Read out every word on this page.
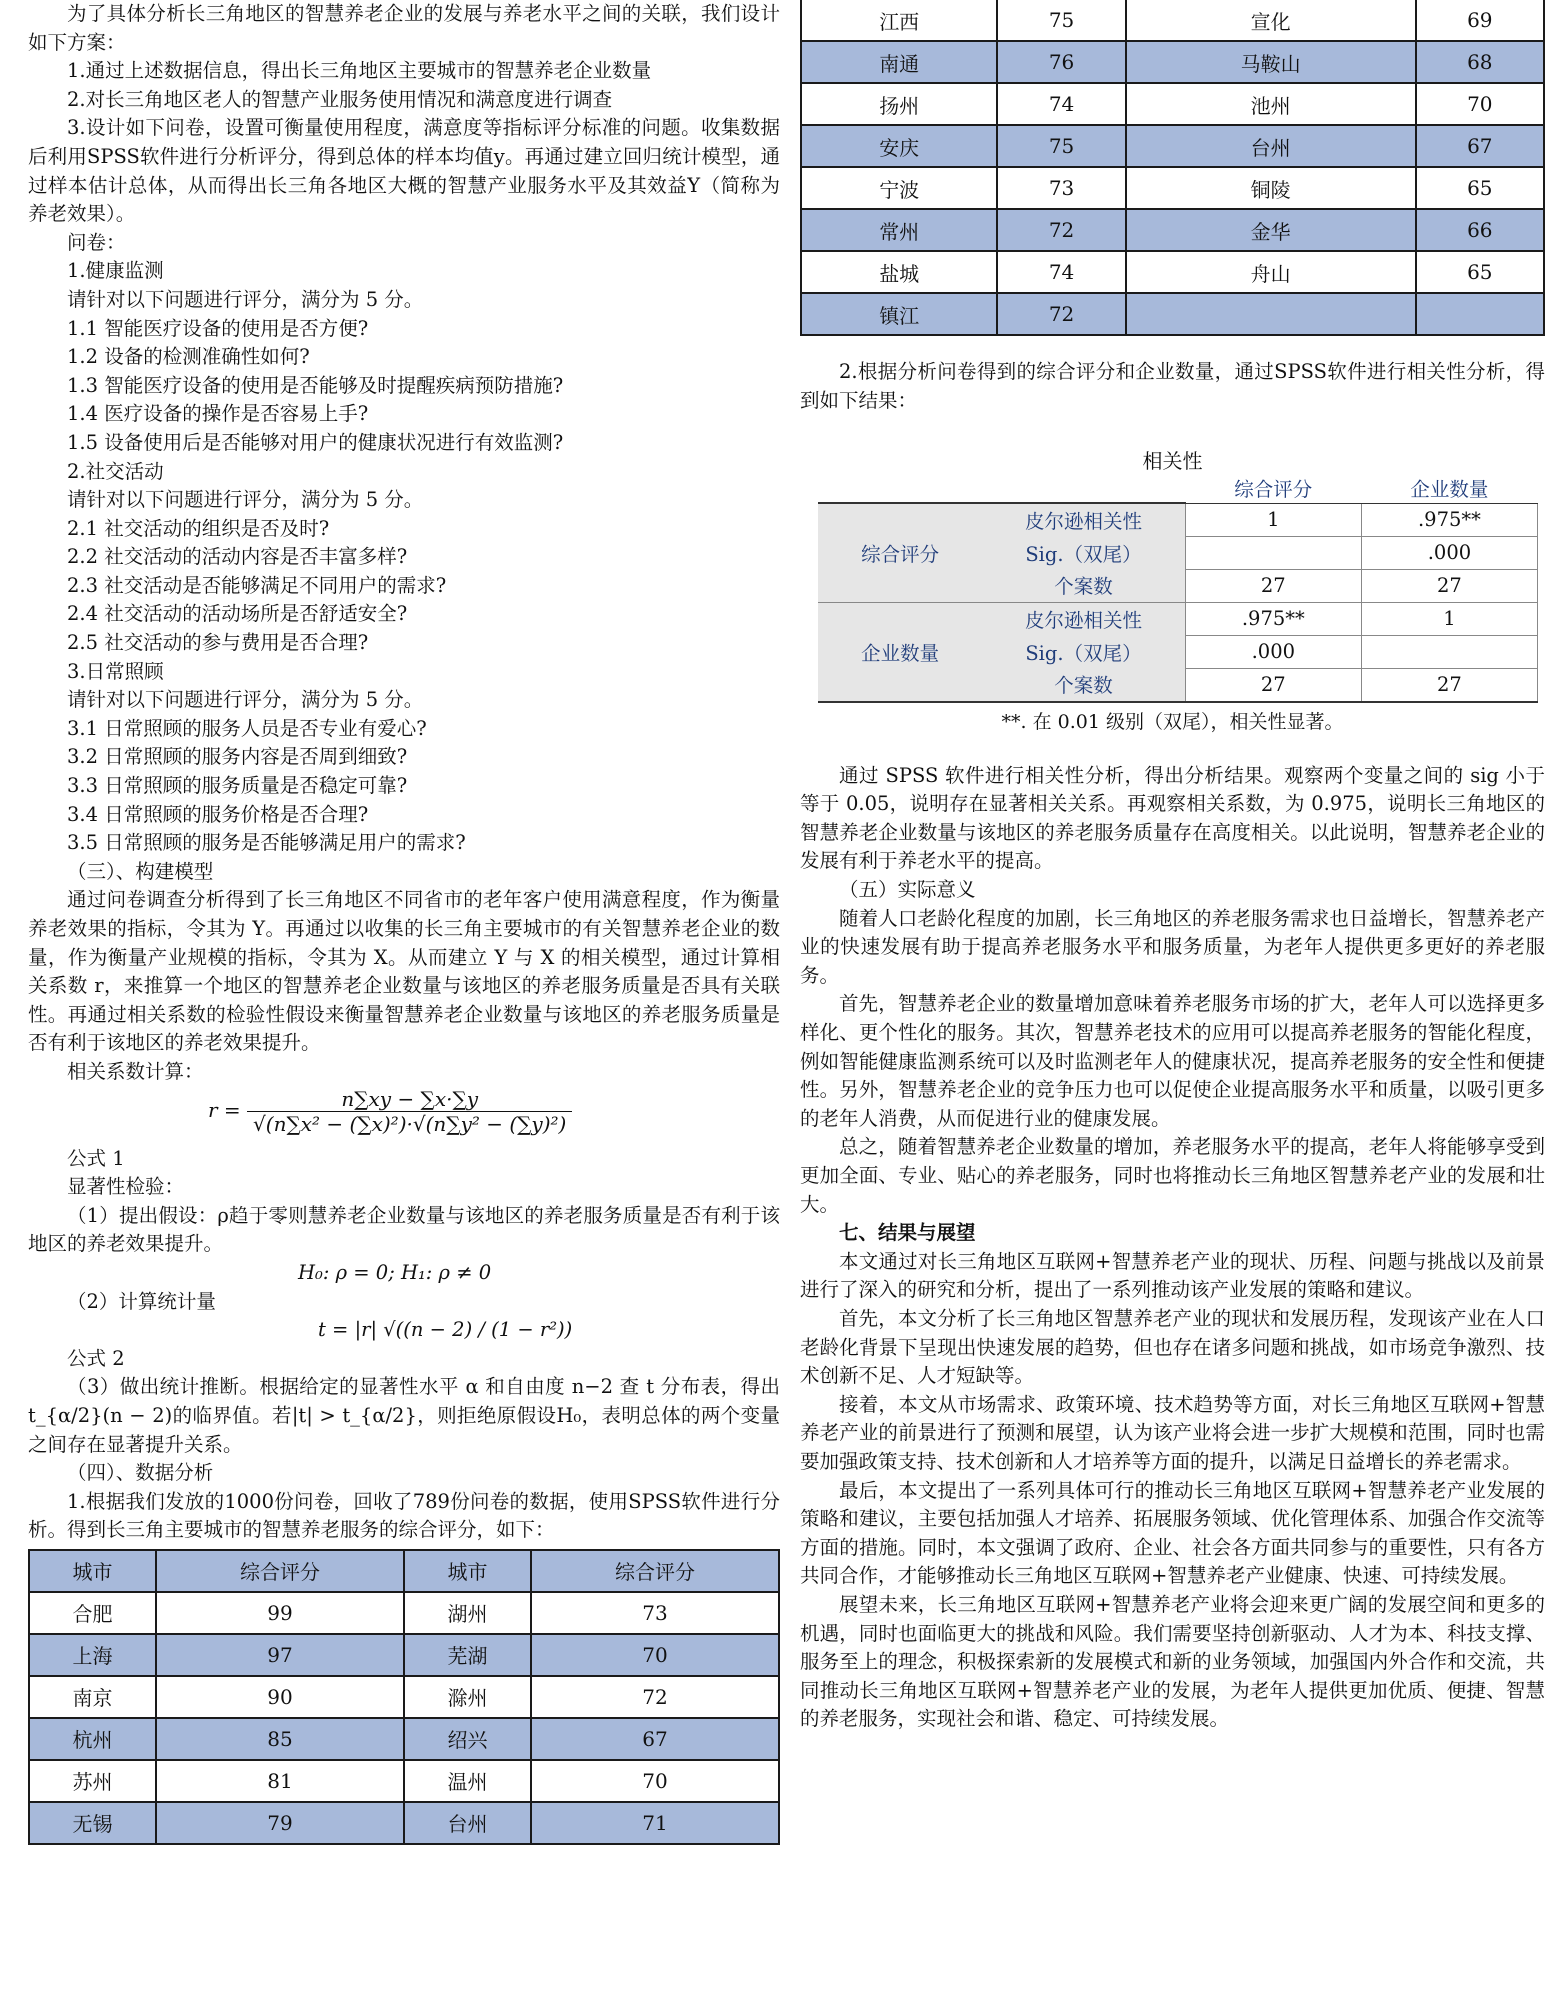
为了具体分析长三角地区的智慧养老企业的发展与养老水平之间的关联，我们设计如下方案：

1.通过上述数据信息，得出长三角地区主要城市的智慧养老企业数量

2.对长三角地区老人的智慧产业服务使用情况和满意度进行调查

3.设计如下问卷，设置可衡量使用程度，满意度等指标评分标准的问题。收集数据后利用SPSS软件进行分析评分，得到总体的样本均值y。再通过建立回归统计模型，通过样本估计总体，从而得出长三角各地区大概的智慧产业服务水平及其效益Y（简称为养老效果）。

问卷：

1.健康监测

请针对以下问题进行评分，满分为 5 分。

1.1 智能医疗设备的使用是否方便?

1.2 设备的检测准确性如何?

1.3 智能医疗设备的使用是否能够及时提醒疾病预防措施?

1.4 医疗设备的操作是否容易上手?

1.5 设备使用后是否能够对用户的健康状况进行有效监测?

2.社交活动

请针对以下问题进行评分，满分为 5 分。

2.1 社交活动的组织是否及时?

2.2 社交活动的活动内容是否丰富多样?

2.3 社交活动是否能够满足不同用户的需求?

2.4 社交活动的活动场所是否舒适安全?

2.5 社交活动的参与费用是否合理?

3.日常照顾

请针对以下问题进行评分，满分为 5 分。

3.1 日常照顾的服务人员是否专业有爱心?

3.2 日常照顾的服务内容是否周到细致?

3.3 日常照顾的服务质量是否稳定可靠?

3.4 日常照顾的服务价格是否合理?

3.5 日常照顾的服务是否能够满足用户的需求?

（三）、构建模型

通过问卷调查分析得到了长三角地区不同省市的老年客户使用满意程度，作为衡量养老效果的指标，令其为 Y。再通过以收集的长三角主要城市的有关智慧养老企业的数量，作为衡量产业规模的指标，令其为 X。从而建立 Y 与 X 的相关模型，通过计算相关系数 r，来推算一个地区的智慧养老企业数量与该地区的养老服务质量是否具有关联性。再通过相关系数的检验性假设来衡量智慧养老企业数量与该地区的养老服务质量是否有利于该地区的养老效果提升。

相关系数计算：

$r = \frac{n\sum xy - \sum x\cdot\sum y}{\text{√(n∑x² − (∑x)²)·√(n∑y² − (∑y)²)}}$

公式 1

显著性检验：

（1）提出假设：ρ趋于零则慧养老企业数量与该地区的养老服务质量是否有利于该地区的养老效果提升。

H₀: ρ = 0; H₁: ρ ≠ 0

（2）计算统计量

t = |r| √((n − 2) / (1 − r²))

公式 2

（3）做出统计推断。根据给定的显著性水平 α 和自由度 n−2 查 t 分布表，得出t_{α/2}(n − 2)的临界值。若|t| > t_{α/2}，则拒绝原假设H₀，表明总体的两个变量之间存在显著提升关系。

（四）、数据分析

1.根据我们发放的1000份问卷，回收了789份问卷的数据，使用SPSS软件进行分析。得到长三角主要城市的智慧养老服务的综合评分，如下：

城市	综合评分	城市	综合评分
合肥	99	湖州	73
上海	97	芜湖	70
南京	90	滁州	72
杭州	85	绍兴	67
苏州	81	温州	70
无锡	79	台州	71
江西	75	宣化	69
南通	76	马鞍山	68
扬州	74	池州	70
安庆	75	台州	67
宁波	73	铜陵	65
常州	72	金华	66
盐城	74	舟山	65
镇江	72		

2.根据分析问卷得到的综合评分和企业数量，通过SPSS软件进行相关性分析，得到如下结果：

相关性
		综合评分	企业数量
综合评分	皮尔逊相关性	1	.975**
	Sig.（双尾）		.000
	个案数	27	27
企业数量	皮尔逊相关性	.975**	1
	Sig.（双尾）	.000	
	个案数	27	27
**. 在 0.01 级别（双尾），相关性显著。

通过 SPSS 软件进行相关性分析，得出分析结果。观察两个变量之间的 sig 小于等于 0.05，说明存在显著相关关系。再观察相关系数，为 0.975，说明长三角地区的智慧养老企业数量与该地区的养老服务质量存在高度相关。以此说明，智慧养老企业的发展有利于养老水平的提高。

（五）实际意义

随着人口老龄化程度的加剧，长三角地区的养老服务需求也日益增长，智慧养老产业的快速发展有助于提高养老服务水平和服务质量，为老年人提供更多更好的养老服务。

首先，智慧养老企业的数量增加意味着养老服务市场的扩大，老年人可以选择更多样化、更个性化的服务。其次，智慧养老技术的应用可以提高养老服务的智能化程度，例如智能健康监测系统可以及时监测老年人的健康状况，提高养老服务的安全性和便捷性。另外，智慧养老企业的竞争压力也可以促使企业提高服务水平和质量，以吸引更多的老年人消费，从而促进行业的健康发展。

总之，随着智慧养老企业数量的增加，养老服务水平的提高，老年人将能够享受到更加全面、专业、贴心的养老服务，同时也将推动长三角地区智慧养老产业的发展和壮大。

七、结果与展望

本文通过对长三角地区互联网+智慧养老产业的现状、历程、问题与挑战以及前景进行了深入的研究和分析，提出了一系列推动该产业发展的策略和建议。

首先，本文分析了长三角地区智慧养老产业的现状和发展历程，发现该产业在人口老龄化背景下呈现出快速发展的趋势，但也存在诸多问题和挑战，如市场竞争激烈、技术创新不足、人才短缺等。

接着，本文从市场需求、政策环境、技术趋势等方面，对长三角地区互联网+智慧养老产业的前景进行了预测和展望，认为该产业将会进一步扩大规模和范围，同时也需要加强政策支持、技术创新和人才培养等方面的提升，以满足日益增长的养老需求。

最后，本文提出了一系列具体可行的推动长三角地区互联网+智慧养老产业发展的策略和建议，主要包括加强人才培养、拓展服务领域、优化管理体系、加强合作交流等方面的措施。同时，本文强调了政府、企业、社会各方面共同参与的重要性，只有各方共同合作，才能够推动长三角地区互联网+智慧养老产业健康、快速、可持续发展。

展望未来，长三角地区互联网+智慧养老产业将会迎来更广阔的发展空间和更多的机遇，同时也面临更大的挑战和风险。我们需要坚持创新驱动、人才为本、科技支撑、服务至上的理念，积极探索新的发展模式和新的业务领域，加强国内外合作和交流，共同推动长三角地区互联网+智慧养老产业的发展，为老年人提供更加优质、便捷、智慧的养老服务，实现社会和谐、稳定、可持续发展。
